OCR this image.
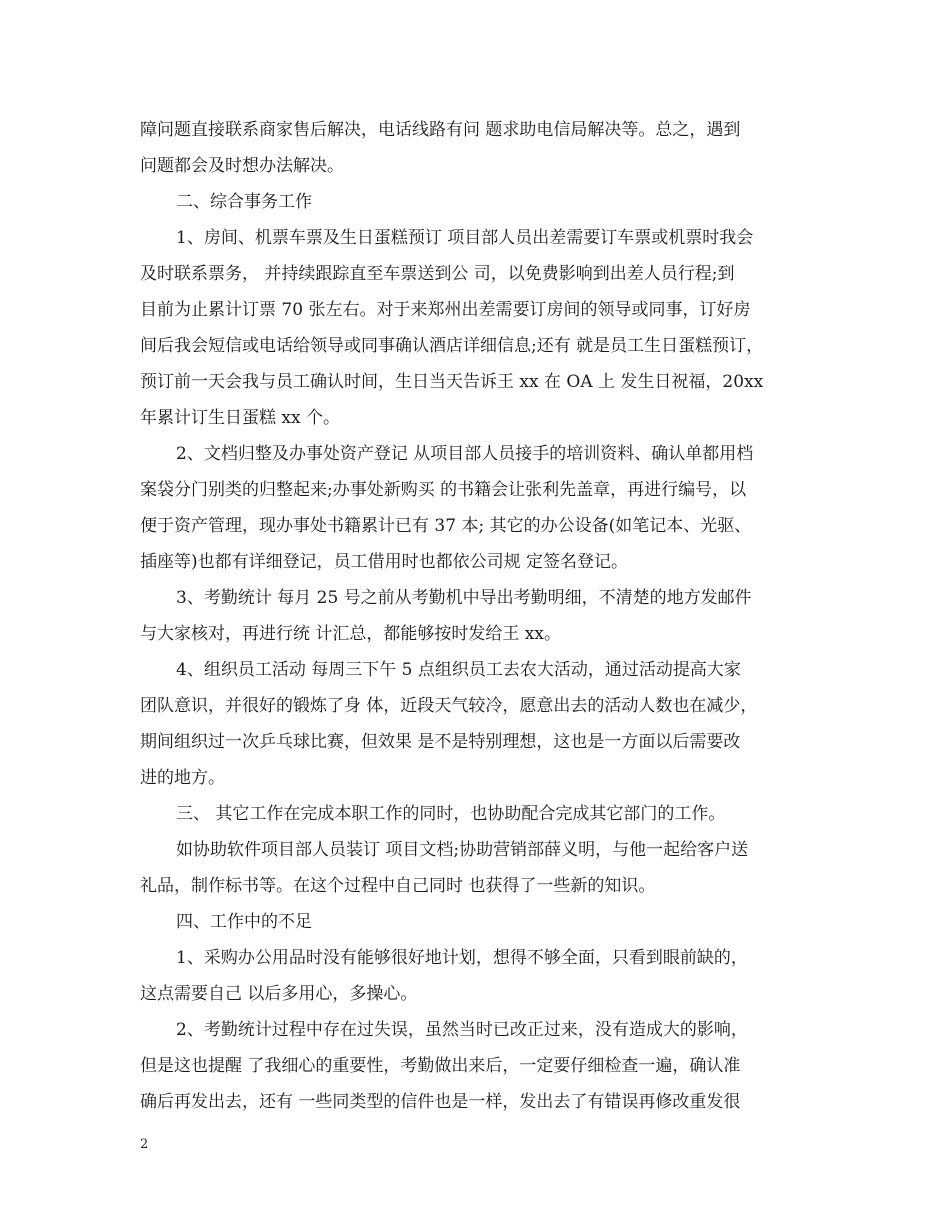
障问题直接联系商家售后解决，电话线路有问 题求助电信局解决等。总之，遇到
问题都会及时想办法解决。
二、综合事务工作
1、房间、机票车票及生日蛋糕预订 项目部人员出差需要订车票或机票时我会
及时联系票务， 并持续跟踪直至车票送到公 司，以免费影响到出差人员行程;到
目前为止累计订票 70 张左右。对于来郑州出差需要订房间的领导或同事，订好房
间后我会短信或电话给领导或同事确认酒店详细信息;还有 就是员工生日蛋糕预订，
预订前一天会我与员工确认时间，生日当天告诉王 xx 在 OA 上 发生日祝福，20xx
年累计订生日蛋糕 xx 个。
2、文档归整及办事处资产登记 从项目部人员接手的培训资料、确认单都用档
案袋分门别类的归整起来;办事处新购买 的书籍会让张利先盖章，再进行编号，以
便于资产管理，现办事处书籍累计已有 37 本; 其它的办公设备(如笔记本、光驱、
插座等)也都有详细登记，员工借用时也都依公司规 定签名登记。
3、考勤统计 每月 25 号之前从考勤机中导出考勤明细，不清楚的地方发邮件
与大家核对，再进行统 计汇总，都能够按时发给王 xx。
4、组织员工活动 每周三下午 5 点组织员工去农大活动，通过活动提高大家
团队意识，并很好的锻炼了身 体，近段天气较冷，愿意出去的活动人数也在减少，
期间组织过一次乒乓球比赛，但效果 是不是特别理想，这也是一方面以后需要改
进的地方。
三、 其它工作在完成本职工作的同时，也协助配合完成其它部门的工作。
如协助软件项目部人员装订 项目文档;协助营销部薛义明，与他一起给客户送
礼品，制作标书等。在这个过程中自己同时 也获得了一些新的知识。
四、工作中的不足
1、采购办公用品时没有能够很好地计划，想得不够全面，只看到眼前缺的，
这点需要自己 以后多用心，多操心。
2、考勤统计过程中存在过失误，虽然当时已改正过来，没有造成大的影响，
但是这也提醒 了我细心的重要性，考勤做出来后，一定要仔细检查一遍，确认准
确后再发出去，还有 一些同类型的信件也是一样，发出去了有错误再修改重发很
2
